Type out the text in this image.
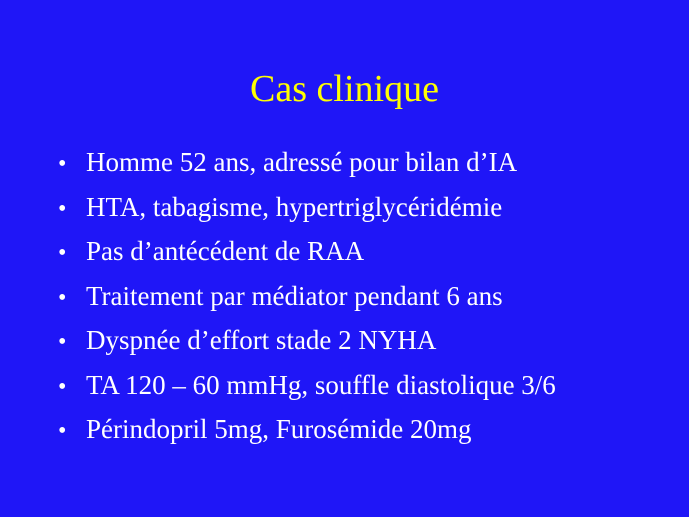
Cas clinique
• Homme 52 ans, adressé pour bilan d’IA
• HTA, tabagisme, hypertriglycéridémie
• Pas d’antécédent de RAA
• Traitement par médiator pendant 6 ans
• Dyspnée d’effort stade 2 NYHA
• TA 120 – 60 mmHg, souffle diastolique 3/6
• Périndopril 5mg, Furosémide 20mg
